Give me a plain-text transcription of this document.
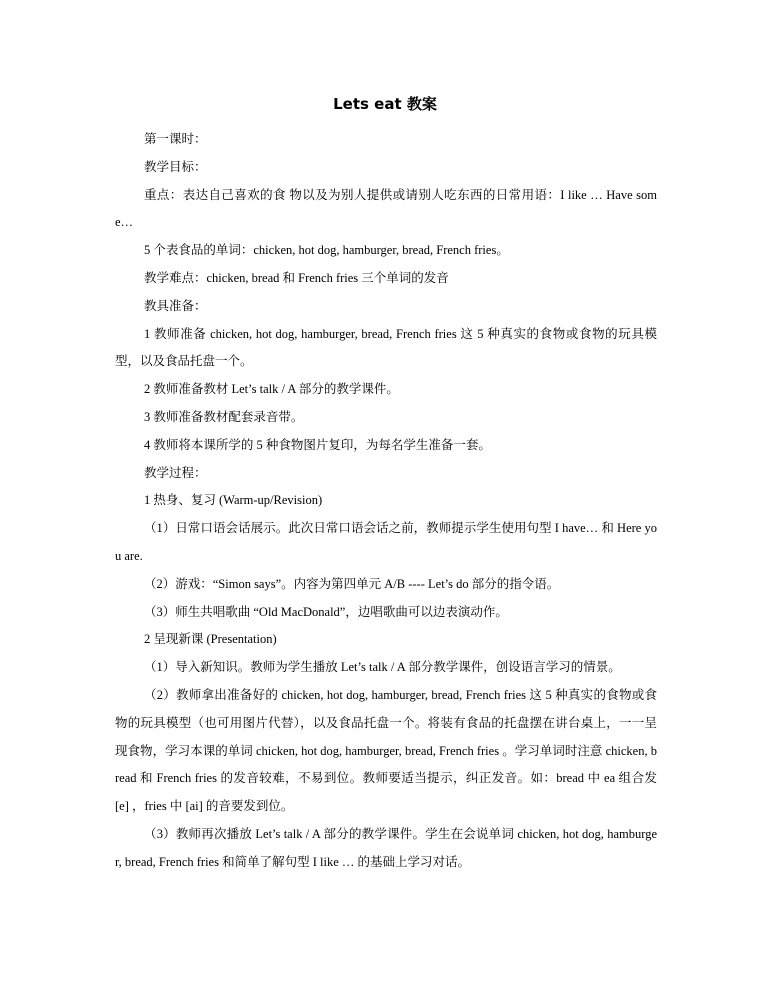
Lets eat 教案

第一课时：

教学目标：

重点：表达自己喜欢的食 物以及为别人提供或请别人吃东西的日常用语：I like … Have some…

5 个表食品的单词：chicken, hot dog, hamburger, bread, French fries。

教学难点：chicken, bread 和 French fries 三个单词的发音

教具准备：

1 教师准备 chicken, hot dog, hamburger, bread, French fries 这 5 种真实的食物或食物的玩具模型，以及食品托盘一个。

2 教师准备教材 Let’s talk / A 部分的教学课件。

3 教师准备教材配套录音带。

4 教师将本课所学的 5 种食物图片复印，为每名学生准备一套。

教学过程：

1 热身、复习 (Warm-up/Revision)

（1）日常口语会话展示。此次日常口语会话之前，教师提示学生使用句型 I have… 和 Here you are.

（2）游戏：“Simon says”。内容为第四单元 A/B ---- Let’s do 部分的指令语。

（3）师生共唱歌曲 “Old MacDonald”，边唱歌曲可以边表演动作。

2 呈现新课 (Presentation)

（1）导入新知识。教师为学生播放 Let’s talk / A 部分教学课件，创设语言学习的情景。

（2）教师拿出准备好的 chicken, hot dog, hamburger, bread, French fries 这 5 种真实的食物或食物的玩具模型（也可用图片代替），以及食品托盘一个。将装有食品的托盘摆在讲台桌上，一一呈现食物，学习本课的单词 chicken, hot dog, hamburger, bread, French fries 。学习单词时注意 chicken, bread 和 French fries 的发音较难，不易到位。教师要适当提示，纠正发音。如：bread 中 ea 组合发 [e] ，fries 中 [ai] 的音要发到位。

（3）教师再次播放 Let’s talk / A 部分的教学课件。学生在会说单词 chicken, hot dog, hamburger, bread, French fries 和简单了解句型 I like … 的基础上学习对话。
